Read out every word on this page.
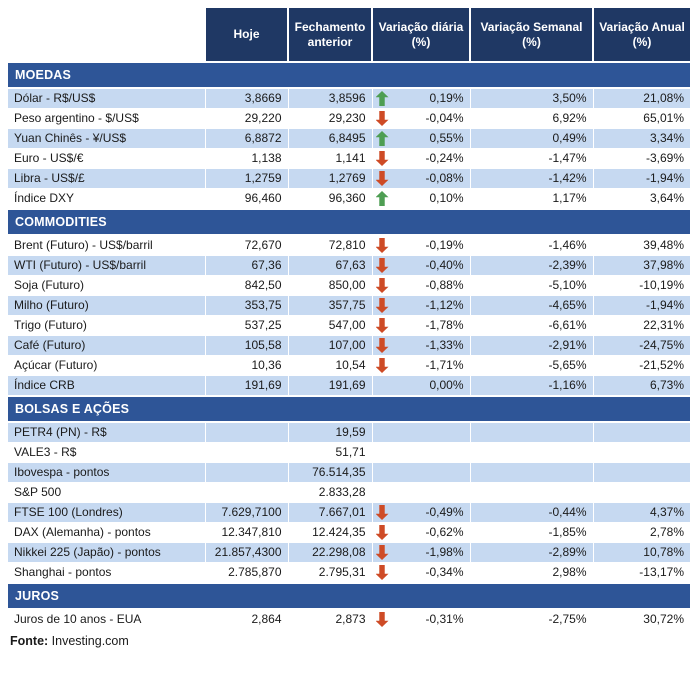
	Hoje	Fechamento anterior	Variação diária (%)	Variação Semanal (%)	Variação Anual (%)
MOEDAS					
Dólar - R$/US$	3,8669	3,8596	0,19%	3,50%	21,08%
Peso argentino - $/US$	29,220	29,230	-0,04%	6,92%	65,01%
Yuan Chinês - ¥/US$	6,8872	6,8495	0,55%	0,49%	3,34%
Euro - US$/€	1,138	1,141	-0,24%	-1,47%	-3,69%
Libra - US$/£	1,2759	1,2769	-0,08%	-1,42%	-1,94%
Índice DXY	96,460	96,360	0,10%	1,17%	3,64%
COMMODITIES					
Brent (Futuro) - US$/barril	72,670	72,810	-0,19%	-1,46%	39,48%
WTI (Futuro) - US$/barril	67,36	67,63	-0,40%	-2,39%	37,98%
Soja (Futuro)	842,50	850,00	-0,88%	-5,10%	-10,19%
Milho (Futuro)	353,75	357,75	-1,12%	-4,65%	-1,94%
Trigo (Futuro)	537,25	547,00	-1,78%	-6,61%	22,31%
Café (Futuro)	105,58	107,00	-1,33%	-2,91%	-24,75%
Açúcar (Futuro)	10,36	10,54	-1,71%	-5,65%	-21,52%
Índice CRB	191,69	191,69	0,00%	-1,16%	6,73%
BOLSAS E AÇÕES					
PETR4 (PN) - R$		19,59			
VALE3 - R$		51,71			
Ibovespa - pontos		76.514,35			
S&P 500		2.833,28			
FTSE 100 (Londres)	7.629,7100	7.667,01	-0,49%	-0,44%	4,37%
DAX (Alemanha) - pontos	12.347,810	12.424,35	-0,62%	-1,85%	2,78%
Nikkei 225 (Japão) - pontos	21.857,4300	22.298,08	-1,98%	-2,89%	10,78%
Shanghai - pontos	2.785,870	2.795,31	-0,34%	2,98%	-13,17%
JUROS					
Juros de 10 anos - EUA	2,864	2,873	-0,31%	-2,75%	30,72%
Fonte: Investing.com
